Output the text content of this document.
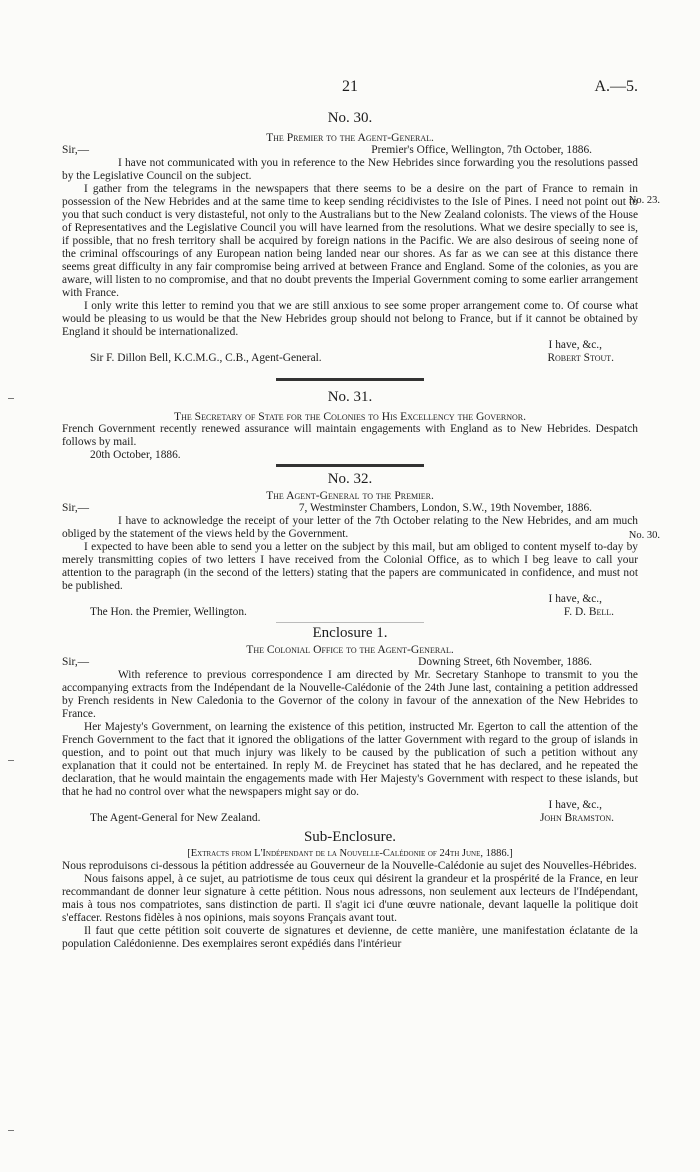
21	A.—5.
No. 30.
The Premier to the Agent-General.
Sir,—	Premier's Office, Wellington, 7th October, 1886.
No. 23.
I have not communicated with you in reference to the New Hebrides since forwarding you the resolutions passed by the Legislative Council on the subject.
I gather from the telegrams in the newspapers that there seems to be a desire on the part of France to remain in possession of the New Hebrides and at the same time to keep sending récidivistes to the Isle of Pines. I need not point out to you that such conduct is very distasteful, not only to the Australians but to the New Zealand colonists. The views of the House of Representatives and the Legislative Council you will have learned from the resolutions. What we desire specially to see is, if possible, that no fresh territory shall be acquired by foreign nations in the Pacific. We are also desirous of seeing none of the criminal offscourings of any European nation being landed near our shores. As far as we can see at this distance there seems great difficulty in any fair compromise being arrived at between France and England. Some of the colonies, as you are aware, will listen to no compromise, and that no doubt prevents the Imperial Government coming to some earlier arrangement with France.
I only write this letter to remind you that we are still anxious to see some proper arrangement come to. Of course what would be pleasing to us would be that the New Hebrides group should not belong to France, but if it cannot be obtained by England it should be internationalized.
I have, &c.,
Sir F. Dillon Bell, K.C.M.G., C.B., Agent-General.	Robert Stout.
No. 31.
The Secretary of State for the Colonies to His Excellency the Governor.
French Government recently renewed assurance will maintain engagements with England as to New Hebrides. Despatch follows by mail.
20th October, 1886.
No. 32.
The Agent-General to the Premier.
Sir,—	7, Westminster Chambers, London, S.W., 19th November, 1886.
No. 30.
I have to acknowledge the receipt of your letter of the 7th October relating to the New Hebrides, and am much obliged by the statement of the views held by the Government.
I expected to have been able to send you a letter on the subject by this mail, but am obliged to content myself to-day by merely transmitting copies of two letters I have received from the Colonial Office, as to which I beg leave to call your attention to the paragraph (in the second of the letters) stating that the papers are communicated in confidence, and must not be published.
I have, &c.,
The Hon. the Premier, Wellington.	F. D. Bell.
Enclosure 1.
The Colonial Office to the Agent-General.
Sir,—	Downing Street, 6th November, 1886.
With reference to previous correspondence I am directed by Mr. Secretary Stanhope to transmit to you the accompanying extracts from the Indépendant de la Nouvelle-Calédonie of the 24th June last, containing a petition addressed by French residents in New Caledonia to the Governor of the colony in favour of the annexation of the New Hebrides to France.
Her Majesty's Government, on learning the existence of this petition, instructed Mr. Egerton to call the attention of the French Government to the fact that it ignored the obligations of the latter Government with regard to the group of islands in question, and to point out that much injury was likely to be caused by the publication of such a petition without any explanation that it could not be entertained. In reply M. de Freycinet has stated that he has declared, and he repeated the declaration, that he would maintain the engagements made with Her Majesty's Government with respect to these islands, but that he had no control over what the newspapers might say or do.
I have, &c.,
The Agent-General for New Zealand.	John Bramston.
Sub-Enclosure.
[Extracts from L'Indépendant de la Nouvelle-Calédonie of 24th June, 1886.]
Nous reproduisons ci-dessous la pétition addressée au Gouverneur de la Nouvelle-Calédonie au sujet des Nouvelles-Hébrides.
Nous faisons appel, à ce sujet, au patriotisme de tous ceux qui désirent la grandeur et la prospérité de la France, en leur recommandant de donner leur signature à cette pétition. Nous nous adressons, non seulement aux lecteurs de l'Indépendant, mais à tous nos compatriotes, sans distinction de parti. Il s'agit ici d'une œuvre nationale, devant laquelle la politique doit s'effacer. Restons fidèles à nos opinions, mais soyons Français avant tout.
Il faut que cette pétition soit couverte de signatures et devienne, de cette manière, une manifestation éclatante de la population Calédonienne. Des exemplaires seront expédiés dans l'intérieur
